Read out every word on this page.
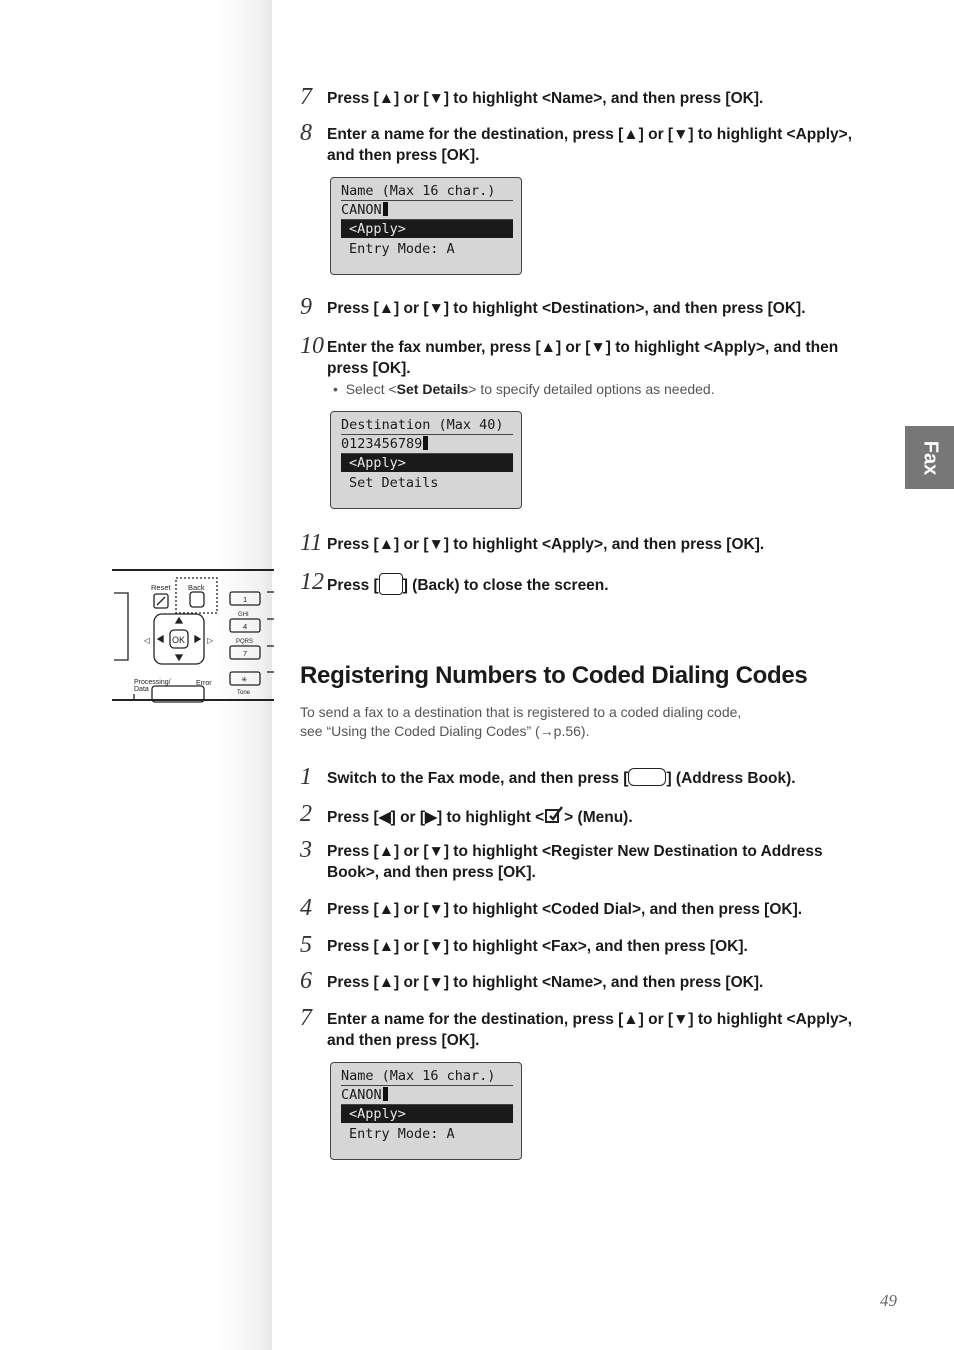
Reset Back
OK
1
GHI
4
PQRS
7
✳
Tone
Processing/
Data
Error
◁	▷
7 Press [▲] or [▼] to highlight <Name>, and then press [OK].
8 Enter a name for the destination, press [▲] or [▼] to highlight <Apply>, and then press [OK].
Name (Max 16 char.)
CANON
<Apply>
Entry Mode: A
9 Press [▲] or [▼] to highlight <Destination>, and then press [OK].
10 Enter the fax number, press [▲] or [▼] to highlight <Apply>, and then press [OK].
•  Select <Set Details> to specify detailed options as needed.
Destination (Max 40)
0123456789
<Apply>
Set Details
11 Press [▲] or [▼] to highlight <Apply>, and then press [OK].
12 Press [ ] (Back) to close the screen.
Registering Numbers to Coded Dialing Codes
To send a fax to a destination that is registered to a coded dialing code,
see “Using the Coded Dialing Codes” (→p.56).
1 Switch to the Fax mode, and then press [ ] (Address Book).
2 Press [◀] or [▶] to highlight < > (Menu).
3 Press [▲] or [▼] to highlight <Register New Destination to Address Book>, and then press [OK].
4 Press [▲] or [▼] to highlight <Coded Dial>, and then press [OK].
5 Press [▲] or [▼] to highlight <Fax>, and then press [OK].
6 Press [▲] or [▼] to highlight <Name>, and then press [OK].
7 Enter a name for the destination, press [▲] or [▼] to highlight <Apply>, and then press [OK].
Name (Max 16 char.)
CANON
<Apply>
Entry Mode: A
Fax
49
